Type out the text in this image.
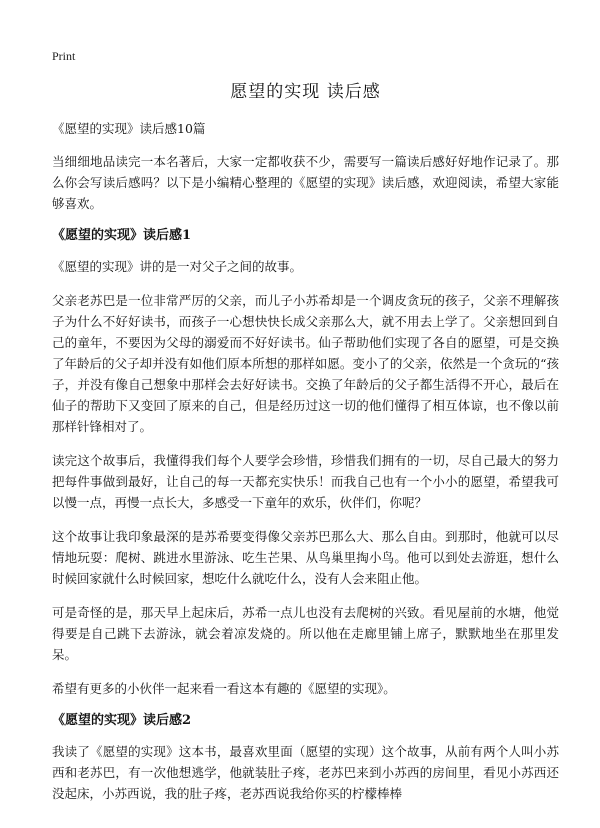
Print
愿望的实现 读后感

《愿望的实现》读后感10篇

当细细地品读完一本名著后，大家一定都收获不少，需要写一篇读后感好好地作记录了。那么你会写读后感吗？以下是小编精心整理的《愿望的实现》读后感，欢迎阅读，希望大家能够喜欢。

《愿望的实现》读后感1

《愿望的实现》讲的是一对父子之间的故事。

父亲老苏巴是一位非常严厉的父亲，而儿子小苏希却是一个调皮贪玩的孩子，父亲不理解孩子为什么不好好读书，而孩子一心想快快长成父亲那么大，就不用去上学了。父亲想回到自己的童年，不要因为父母的溺爱而不好好读书。仙子帮助他们实现了各自的愿望，可是交换了年龄后的父子却并没有如他们原本所想的那样如愿。变小了的父亲，依然是一个贪玩的“孩子，并没有像自己想象中那样会去好好读书。交换了年龄后的父子都生活得不开心，最后在仙子的帮助下又变回了原来的自己，但是经历过这一切的他们懂得了相互体谅，也不像以前那样针锋相对了。

读完这个故事后，我懂得我们每个人要学会珍惜，珍惜我们拥有的一切，尽自己最大的努力把每件事做到最好，让自己的每一天都充实快乐！而我自己也有一个小小的愿望，希望我可以慢一点，再慢一点长大，多感受一下童年的欢乐，伙伴们，你呢？

这个故事让我印象最深的是苏希要变得像父亲苏巴那么大、那么自由。到那时，他就可以尽情地玩耍：爬树、跳进水里游泳、吃生芒果、从鸟巢里掏小鸟。他可以到处去游逛，想什么时候回家就什么时候回家，想吃什么就吃什么，没有人会来阻止他。

可是奇怪的是，那天早上起床后，苏希一点儿也没有去爬树的兴致。看见屋前的水塘，他觉得要是自己跳下去游泳，就会着凉发烧的。所以他在走廊里铺上席子，默默地坐在那里发呆。

希望有更多的小伙伴一起来看一看这本有趣的《愿望的实现》。

《愿望的实现》读后感2

我读了《愿望的实现》这本书，最喜欢里面（愿望的实现）这个故事，从前有两个人叫小苏西和老苏巴，有一次他想逃学，他就装肚子疼，老苏巴来到小苏西的房间里，看见小苏西还没起床，小苏西说，我的肚子疼，老苏西说我给你买的柠檬棒棒
